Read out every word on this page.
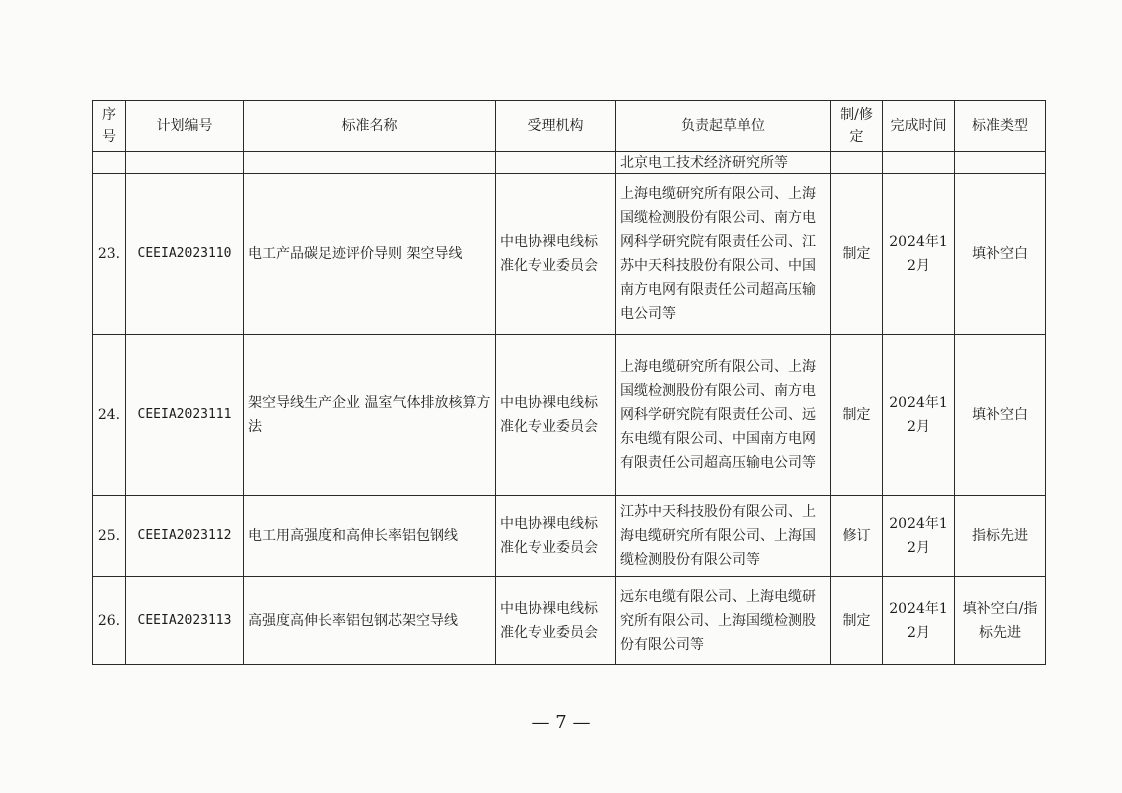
序号	计划编号	标准名称	受理机构	负责起草单位	制/修定	完成时间	标准类型
				北京电工技术经济研究所等			
23.	CEEIA2023110	电工产品碳足迹评价导则 架空导线	中电协裸电线标准化专业委员会	上海电缆研究所有限公司、上海国缆检测股份有限公司、南方电网科学研究院有限责任公司、江苏中天科技股份有限公司、中国南方电网有限责任公司超高压输电公司等	制定	2024年12月	填补空白
24.	CEEIA2023111	架空导线生产企业 温室气体排放核算方法	中电协裸电线标准化专业委员会	上海电缆研究所有限公司、上海国缆检测股份有限公司、南方电网科学研究院有限责任公司、远东电缆有限公司、中国南方电网有限责任公司超高压输电公司等	制定	2024年12月	填补空白
25.	CEEIA2023112	电工用高强度和高伸长率铝包钢线	中电协裸电线标准化专业委员会	江苏中天科技股份有限公司、上海电缆研究所有限公司、上海国缆检测股份有限公司等	修订	2024年12月	指标先进
26.	CEEIA2023113	高强度高伸长率铝包钢芯架空导线	中电协裸电线标准化专业委员会	远东电缆有限公司、上海电缆研究所有限公司、上海国缆检测股份有限公司等	制定	2024年12月	填补空白/指标先进
— 7 —
